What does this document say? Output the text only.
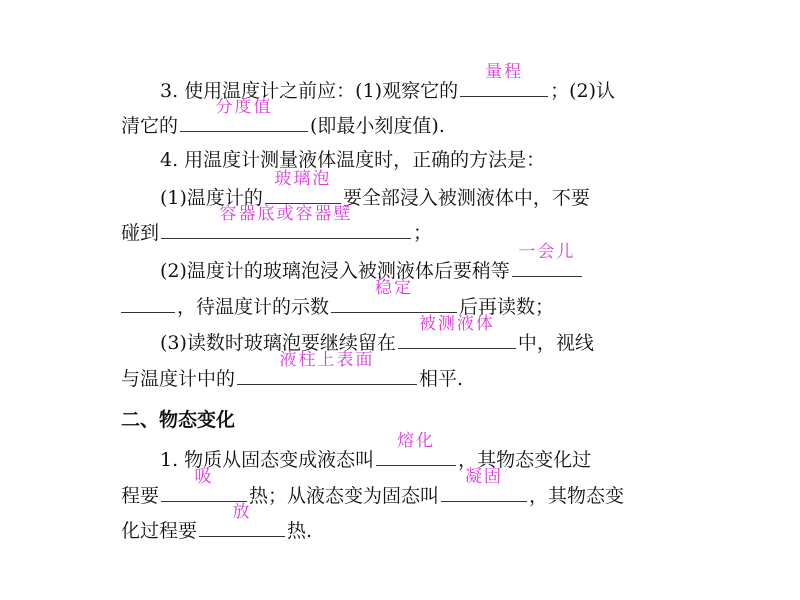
3. 使用温度计之前应：(1)观察它的
量程
；(2)认
清它的
分度值
(即最小刻度值).
4. 用温度计测量液体温度时，正确的方法是：
(1)温度计的
玻璃泡
要全部浸入被测液体中，不要
碰到
容器底或容器壁
；
(2)温度计的玻璃泡浸入被测液体后要稍等
一会儿
，待温度计的示数
稳定
后再读数；
(3)读数时玻璃泡要继续留在
被测液体
中，视线
与温度计中的
液柱上表面
相平.
二、物态变化
1. 物质从固态变成液态叫
熔化
，其物态变化过
程要
吸
热；从液态变为固态叫
凝固
，其物态变
化过程要
放
热.
